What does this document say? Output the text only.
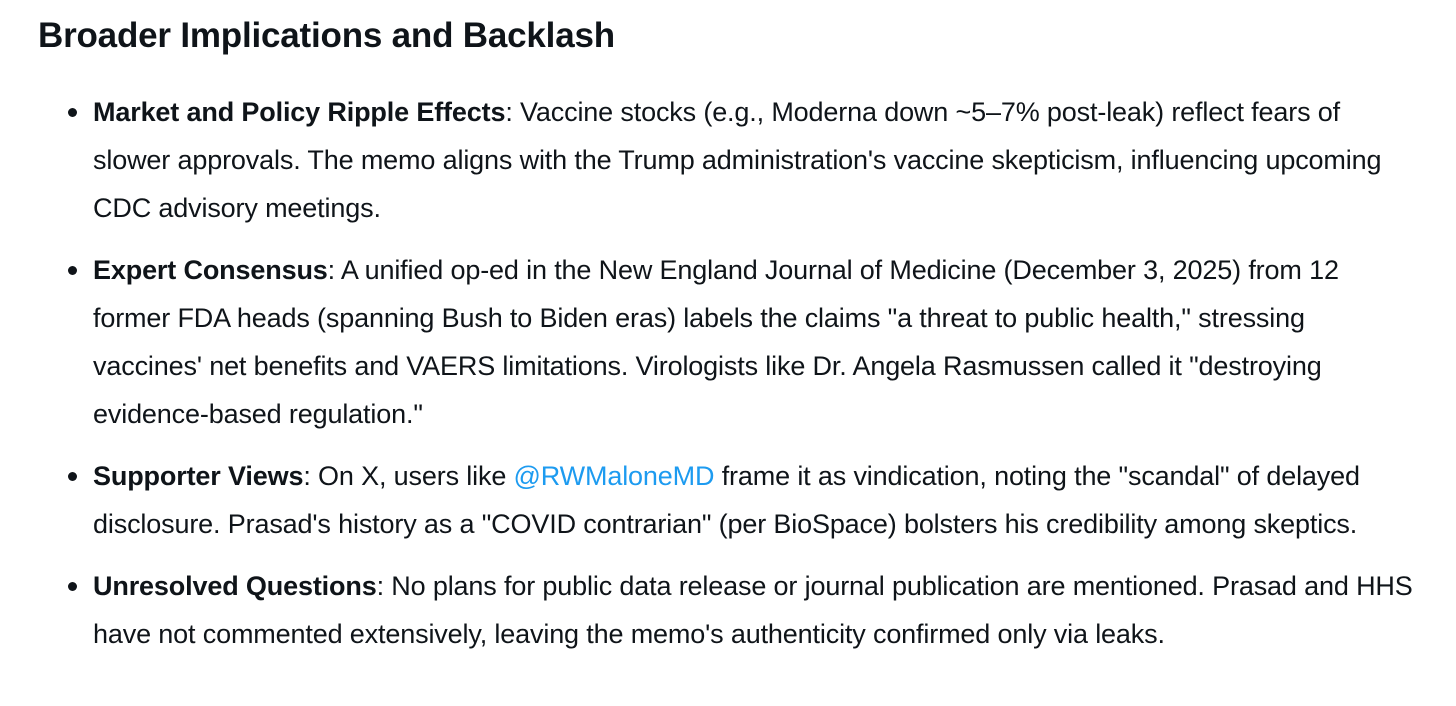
Broader Implications and Backlash
Market and Policy Ripple Effects: Vaccine stocks (e.g., Moderna down ~5–7% post-leak) reflect fears of slower approvals. The memo aligns with the Trump administration's vaccine skepticism, influencing upcoming CDC advisory meetings.
Expert Consensus: A unified op-ed in the New England Journal of Medicine (December 3, 2025) from 12 former FDA heads (spanning Bush to Biden eras) labels the claims "a threat to public health," stressing vaccines' net benefits and VAERS limitations. Virologists like Dr. Angela Rasmussen called it "destroying evidence-based regulation."
Supporter Views: On X, users like @RWMaloneMD frame it as vindication, noting the "scandal" of delayed disclosure. Prasad's history as a "COVID contrarian" (per BioSpace) bolsters his credibility among skeptics.
Unresolved Questions: No plans for public data release or journal publication are mentioned. Prasad and HHS have not commented extensively, leaving the memo's authenticity confirmed only via leaks.
